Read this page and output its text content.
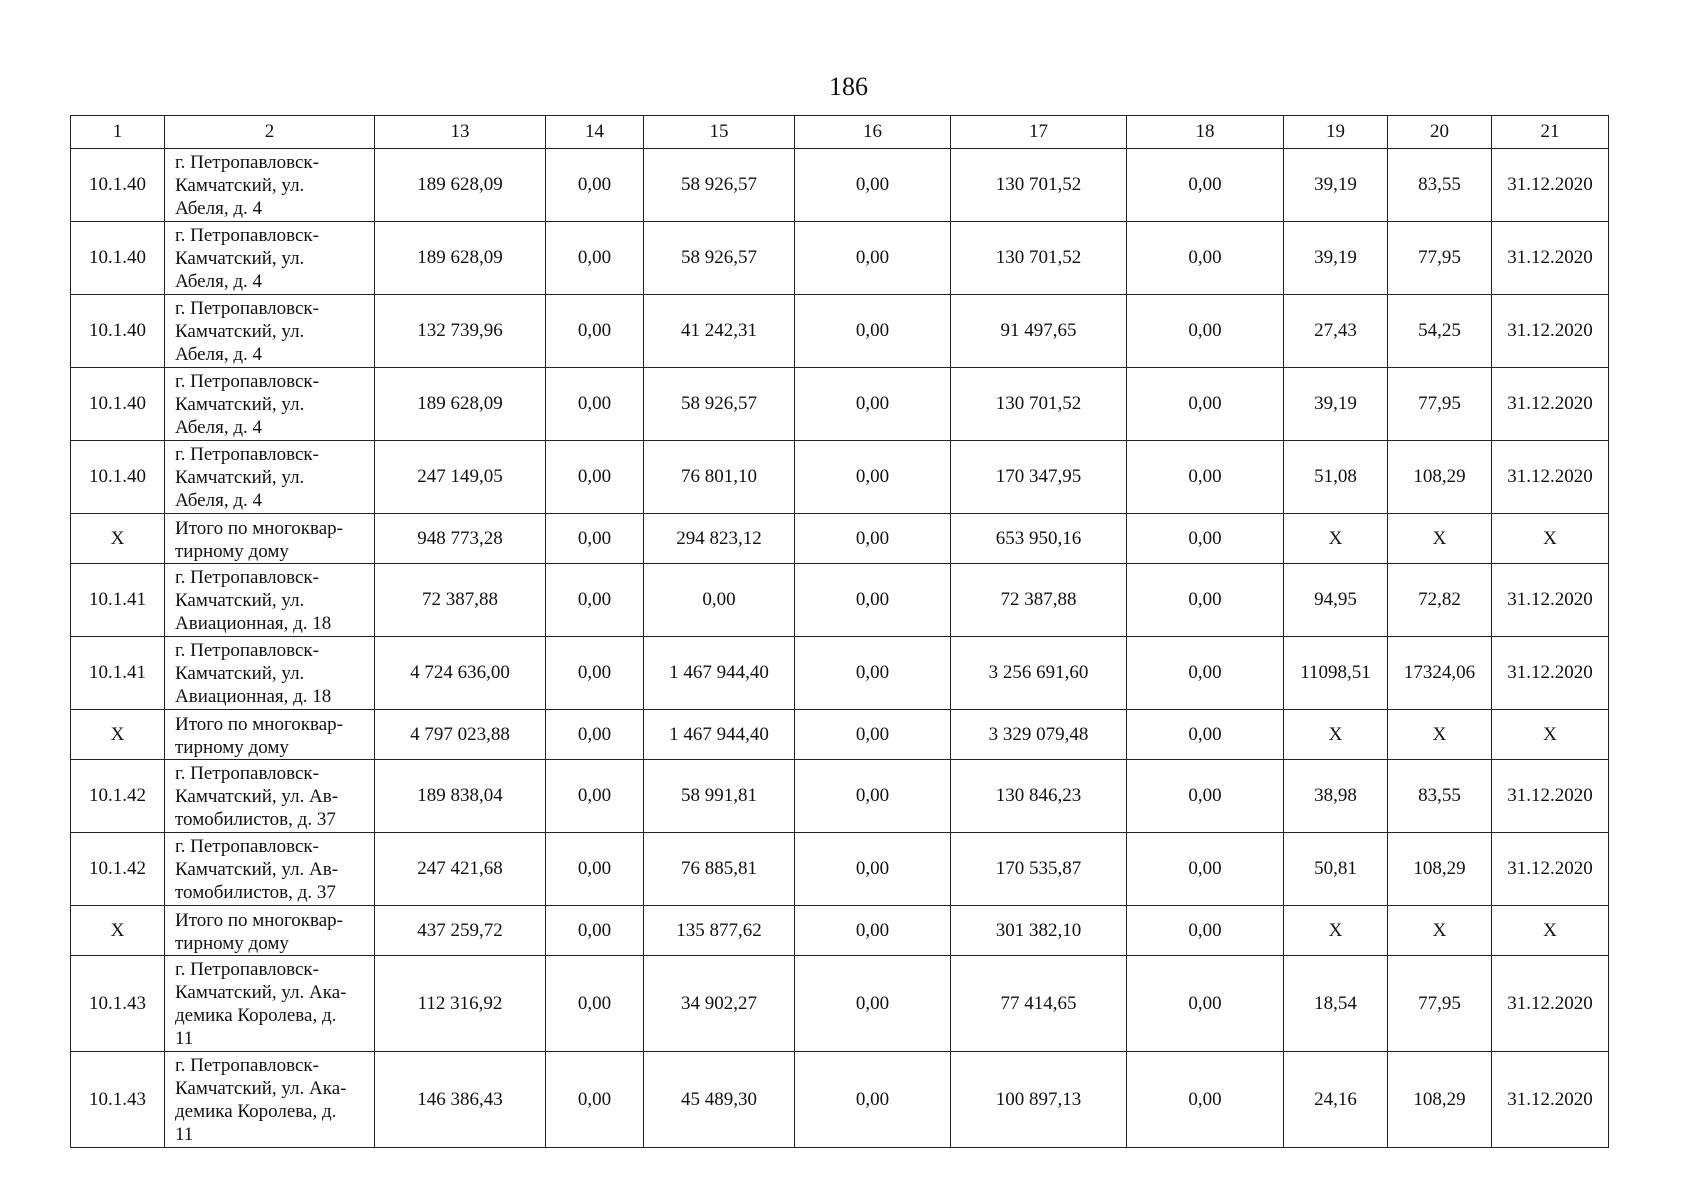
186
1	2	13	14	15	16	17	18	19	20	21
10.1.40	г. Петропавловск-
Камчатский, ул.
Абеля, д. 4	189 628,09	0,00	58 926,57	0,00	130 701,52	0,00	39,19	83,55	31.12.2020
10.1.40	г. Петропавловск-
Камчатский, ул.
Абеля, д. 4	189 628,09	0,00	58 926,57	0,00	130 701,52	0,00	39,19	77,95	31.12.2020
10.1.40	г. Петропавловск-
Камчатский, ул.
Абеля, д. 4	132 739,96	0,00	41 242,31	0,00	91 497,65	0,00	27,43	54,25	31.12.2020
10.1.40	г. Петропавловск-
Камчатский, ул.
Абеля, д. 4	189 628,09	0,00	58 926,57	0,00	130 701,52	0,00	39,19	77,95	31.12.2020
10.1.40	г. Петропавловск-
Камчатский, ул.
Абеля, д. 4	247 149,05	0,00	76 801,10	0,00	170 347,95	0,00	51,08	108,29	31.12.2020
X	Итого по многоквар-
тирному дому	948 773,28	0,00	294 823,12	0,00	653 950,16	0,00	X	X	X
10.1.41	г. Петропавловск-
Камчатский, ул.
Авиационная, д. 18	72 387,88	0,00	0,00	0,00	72 387,88	0,00	94,95	72,82	31.12.2020
10.1.41	г. Петропавловск-
Камчатский, ул.
Авиационная, д. 18	4 724 636,00	0,00	1 467 944,40	0,00	3 256 691,60	0,00	11098,51	17324,06	31.12.2020
X	Итого по многоквар-
тирному дому	4 797 023,88	0,00	1 467 944,40	0,00	3 329 079,48	0,00	X	X	X
10.1.42	г. Петропавловск-
Камчатский, ул. Ав-
томобилистов, д. 37	189 838,04	0,00	58 991,81	0,00	130 846,23	0,00	38,98	83,55	31.12.2020
10.1.42	г. Петропавловск-
Камчатский, ул. Ав-
томобилистов, д. 37	247 421,68	0,00	76 885,81	0,00	170 535,87	0,00	50,81	108,29	31.12.2020
X	Итого по многоквар-
тирному дому	437 259,72	0,00	135 877,62	0,00	301 382,10	0,00	X	X	X
10.1.43	г. Петропавловск-
Камчатский, ул. Ака-
демика Королева, д.
11	112 316,92	0,00	34 902,27	0,00	77 414,65	0,00	18,54	77,95	31.12.2020
10.1.43	г. Петропавловск-
Камчатский, ул. Ака-
демика Королева, д.
11	146 386,43	0,00	45 489,30	0,00	100 897,13	0,00	24,16	108,29	31.12.2020
